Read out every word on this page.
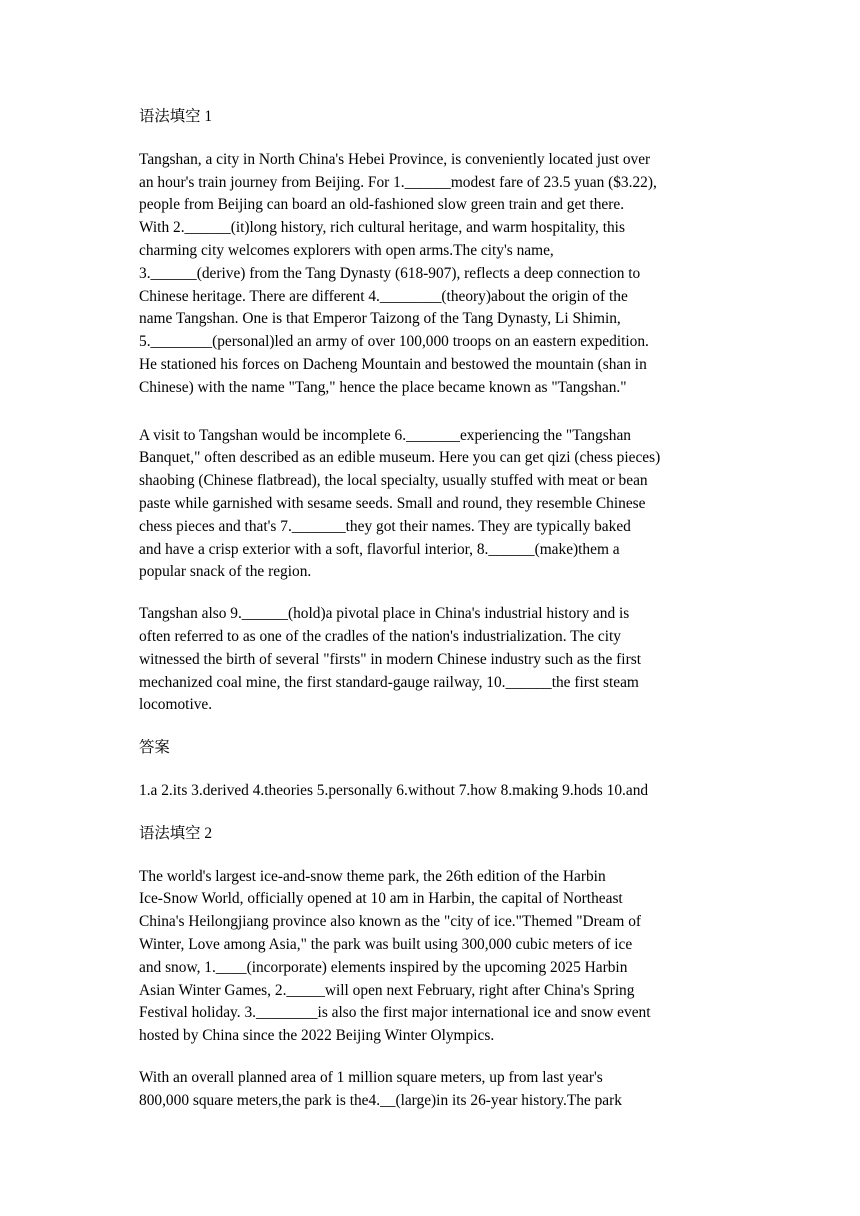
语法填空 1

Tangshan, a city in North China's Hebei Province, is conveniently located just over
an hour's train journey from Beijing. For 1.______modest fare of 23.5 yuan ($3.22),
people from Beijing can board an old-fashioned slow green train and get there.
With 2.______(it)long history, rich cultural heritage, and warm hospitality, this
charming city welcomes explorers with open arms.The city's name,
3.______(derive) from the Tang Dynasty (618-907), reflects a deep connection to
Chinese heritage. There are different 4.________(theory)about the origin of the
name Tangshan. One is that Emperor Taizong of the Tang Dynasty, Li Shimin,
5.________(personal)led an army of over 100,000 troops on an eastern expedition.
He stationed his forces on Dacheng Mountain and bestowed the mountain (shan in
Chinese) with the name "Tang," hence the place became known as "Tangshan."

A visit to Tangshan would be incomplete 6._______experiencing the "Tangshan
Banquet," often described as an edible museum. Here you can get qizi (chess pieces)
shaobing (Chinese flatbread), the local specialty, usually stuffed with meat or bean
paste while garnished with sesame seeds. Small and round, they resemble Chinese
chess pieces and that's 7._______they got their names. They are typically baked
and have a crisp exterior with a soft, flavorful interior, 8.______(make)them a
popular snack of the region.

Tangshan also 9.______(hold)a pivotal place in China's industrial history and is
often referred to as one of the cradles of the nation's industrialization. The city
witnessed the birth of several "firsts" in modern Chinese industry such as the first
mechanized coal mine, the first standard-gauge railway, 10.______the first steam
locomotive.

答案

1.a 2.its 3.derived 4.theories 5.personally 6.without 7.how 8.making 9.hods 10.and

语法填空 2

The world's largest ice-and-snow theme park, the 26th edition of the Harbin
Ice-Snow World, officially opened at 10 am in Harbin, the capital of Northeast
China's Heilongjiang province also known as the "city of ice."Themed "Dream of
Winter, Love among Asia," the park was built using 300,000 cubic meters of ice
and snow, 1.____(incorporate) elements inspired by the upcoming 2025 Harbin
Asian Winter Games, 2._____will open next February, right after China's Spring
Festival holiday. 3.________is also the first major international ice and snow event
hosted by China since the 2022 Beijing Winter Olympics.

With an overall planned area of 1 million square meters, up from last year's
800,000 square meters,the park is the4.__(large)in its 26-year history.The park
